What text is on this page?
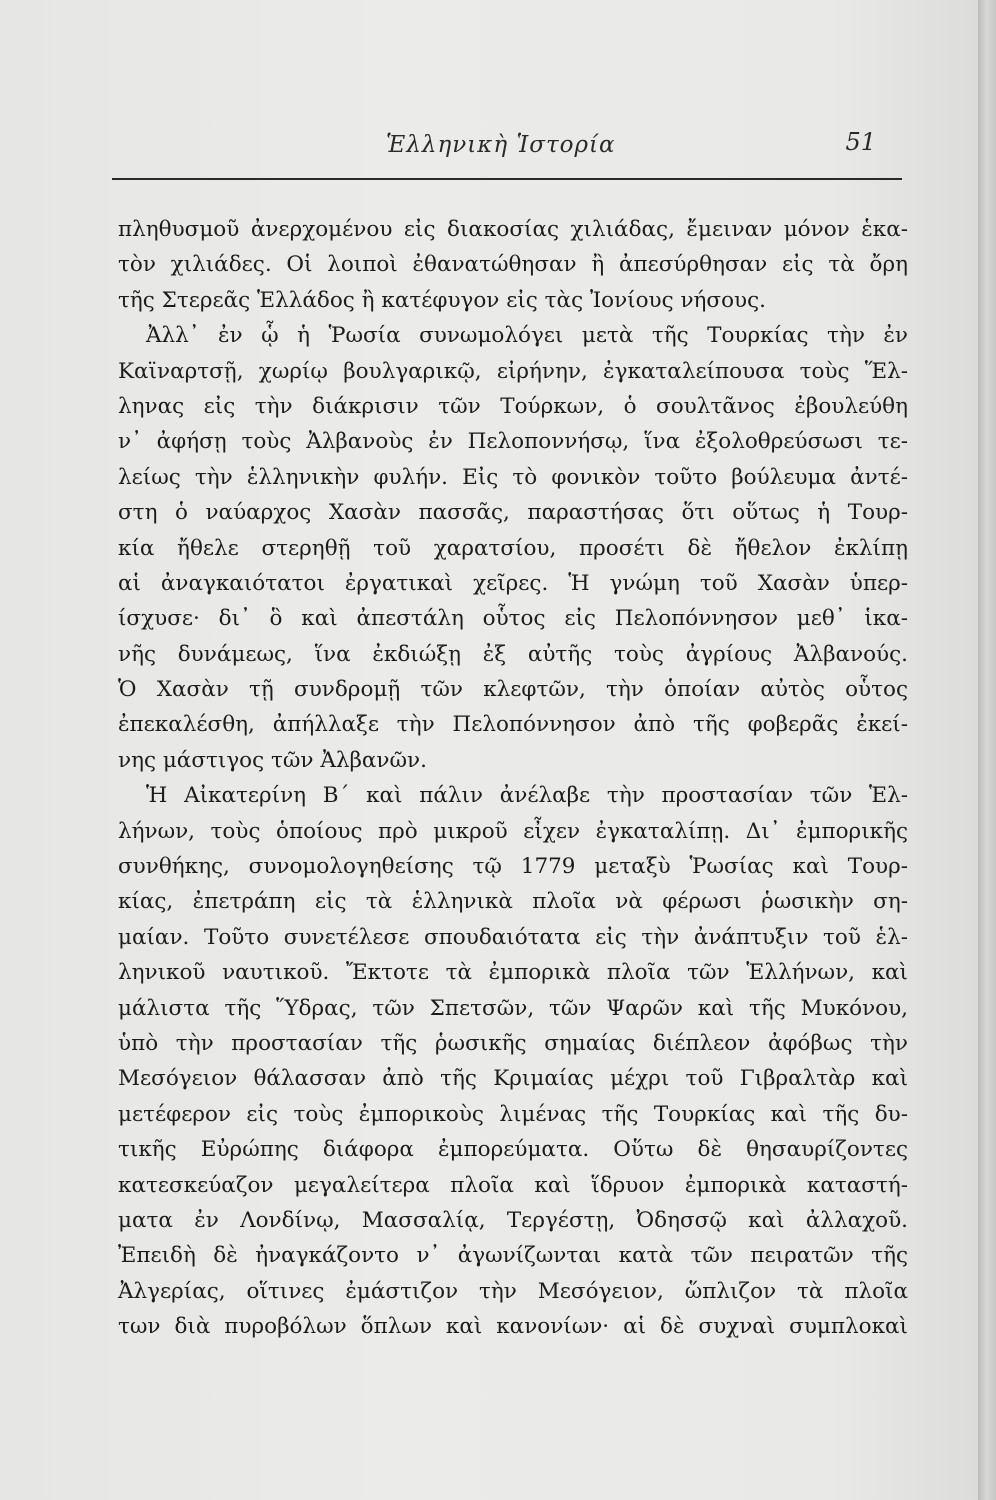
Ἑλληνικὴ Ἱστορία	51
πληθυσμοῦ ἀνερχομένου εἰς διακοσίας χιλιάδας, ἔμειναν μόνον ἑκα-
τὸν χιλιάδες. Οἱ λοιποὶ ἐθανατώθησαν ἢ ἀπεσύρθησαν εἰς τὰ ὄρη
τῆς Στερεᾶς Ἑλλάδος ἢ κατέφυγον εἰς τὰς Ἰονίους νήσους.
Ἀλλ᾽ ἐν ᾧ ἡ Ῥωσία συνωμολόγει μετὰ τῆς Τουρκίας τὴν ἐν
Καϊναρτσῇ, χωρίῳ βουλγαρικῷ, εἰρήνην, ἐγκαταλείπουσα τοὺς Ἕλ-
ληνας εἰς τὴν διάκρισιν τῶν Τούρκων, ὁ σουλτᾶνος ἐβουλεύθη
ν᾽ ἀφήσῃ τοὺς Ἀλβανοὺς ἐν Πελοποννήσῳ, ἵνα ἐξολοθρεύσωσι τε-
λείως τὴν ἑλληνικὴν φυλήν. Εἰς τὸ φονικὸν τοῦτο βούλευμα ἀντέ-
στη ὁ ναύαρχος Χασὰν πασσᾶς, παραστήσας ὅτι οὕτως ἡ Τουρ-
κία ἤθελε στερηθῇ τοῦ χαρατσίου, προσέτι δὲ ἤθελον ἐκλίπῃ
αἱ ἀναγκαιότατοι ἐργατικαὶ χεῖρες. Ἡ γνώμη τοῦ Χασὰν ὑπερ-
ίσχυσε· δι᾽ ὃ καὶ ἀπεστάλη οὗτος εἰς Πελοπόννησον μεθ᾽ ἱκα-
νῆς δυνάμεως, ἵνα ἐκδιώξῃ ἐξ αὐτῆς τοὺς ἀγρίους Ἀλβανούς.
Ὁ Χασὰν τῇ συνδρομῇ τῶν κλεφτῶν, τὴν ὁποίαν αὐτὸς οὗτος
ἐπεκαλέσθη, ἀπήλλαξε τὴν Πελοπόννησον ἀπὸ τῆς φοβερᾶς ἐκεί-
νης μάστιγος τῶν Ἀλβανῶν.
Ἡ Αἰκατερίνη Β΄ καὶ πάλιν ἀνέλαβε τὴν προστασίαν τῶν Ἑλ-
λήνων, τοὺς ὁποίους πρὸ μικροῦ εἶχεν ἐγκαταλίπῃ. Δι᾽ ἐμπορικῆς
συνθήκης, συνομολογηθείσης τῷ 1779 μεταξὺ Ῥωσίας καὶ Τουρ-
κίας, ἐπετράπη εἰς τὰ ἑλληνικὰ πλοῖα νὰ φέρωσι ῥωσικὴν ση-
μαίαν. Τοῦτο συνετέλεσε σπουδαιότατα εἰς τὴν ἀνάπτυξιν τοῦ ἑλ-
ληνικοῦ ναυτικοῦ. Ἔκτοτε τὰ ἐμπορικὰ πλοῖα τῶν Ἑλλήνων, καὶ
μάλιστα τῆς Ὕδρας, τῶν Σπετσῶν, τῶν Ψαρῶν καὶ τῆς Μυκόνου,
ὑπὸ τὴν προστασίαν τῆς ῥωσικῆς σημαίας διέπλεον ἀφόβως τὴν
Μεσόγειον θάλασσαν ἀπὸ τῆς Κριμαίας μέχρι τοῦ Γιβραλτὰρ καὶ
μετέφερον εἰς τοὺς ἐμπορικοὺς λιμένας τῆς Τουρκίας καὶ τῆς δυ-
τικῆς Εὐρώπης διάφορα ἐμπορεύματα. Οὕτω δὲ θησαυρίζοντες
κατεσκεύαζον μεγαλείτερα πλοῖα καὶ ἵδρυον ἐμπορικὰ καταστή-
ματα ἐν Λονδίνῳ, Μασσαλίᾳ, Τεργέστῃ, Ὀδησσῷ καὶ ἀλλαχοῦ.
Ἐπειδὴ δὲ ἠναγκάζοντο ν᾽ ἀγωνίζωνται κατὰ τῶν πειρατῶν τῆς
Ἀλγερίας, οἵτινες ἐμάστιζον τὴν Μεσόγειον, ὥπλιζον τὰ πλοῖα
των διὰ πυροβόλων ὅπλων καὶ κανονίων· αἱ δὲ συχναὶ συμπλοκαὶ
